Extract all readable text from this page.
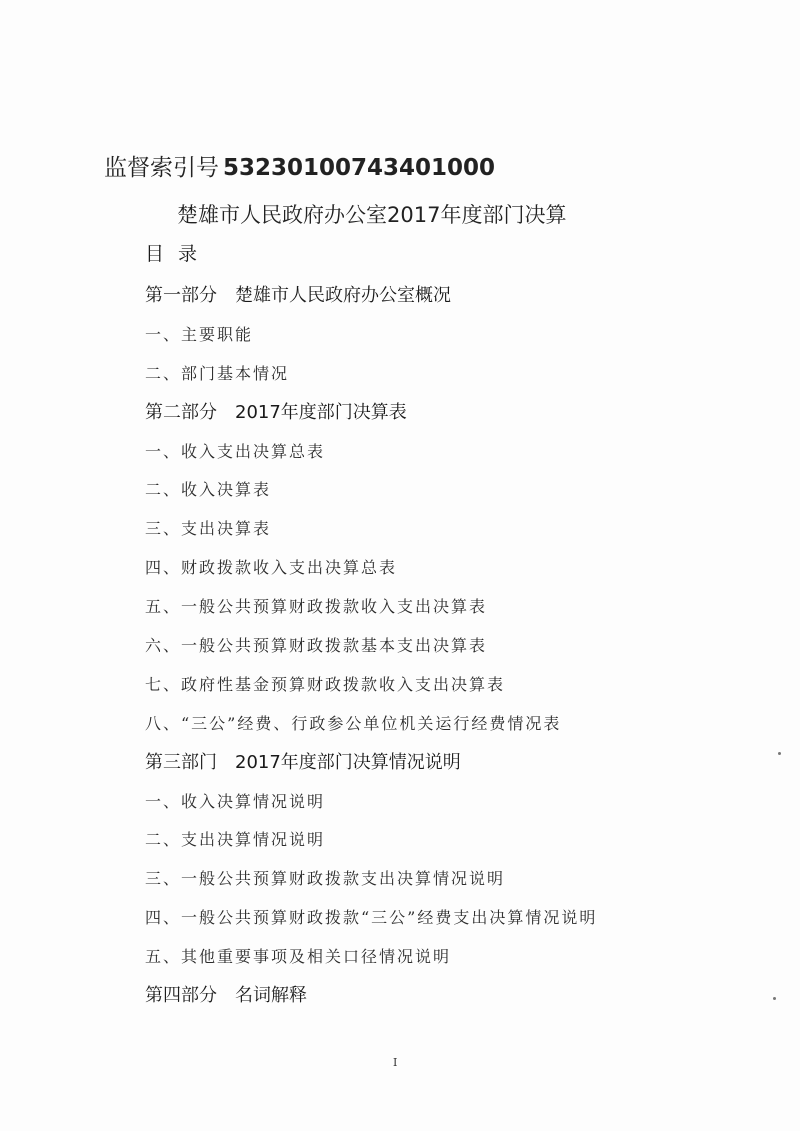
监督索引号 53230100743401000
楚雄市人民政府办公室2017年度部门决算
目录
第一部分 楚雄市人民政府办公室概况
一、主要职能
二、部门基本情况
第二部分 2017年度部门决算表
一、收入支出决算总表
二、收入决算表
三、支出决算表
四、财政拨款收入支出决算总表
五、一般公共预算财政拨款收入支出决算表
六、一般公共预算财政拨款基本支出决算表
七、政府性基金预算财政拨款收入支出决算表
八、“三公”经费、行政参公单位机关运行经费情况表
第三部门 2017年度部门决算情况说明
一、收入决算情况说明
二、支出决算情况说明
三、一般公共预算财政拨款支出决算情况说明
四、一般公共预算财政拨款“三公”经费支出决算情况说明
五、其他重要事项及相关口径情况说明
第四部分 名词解释
I
